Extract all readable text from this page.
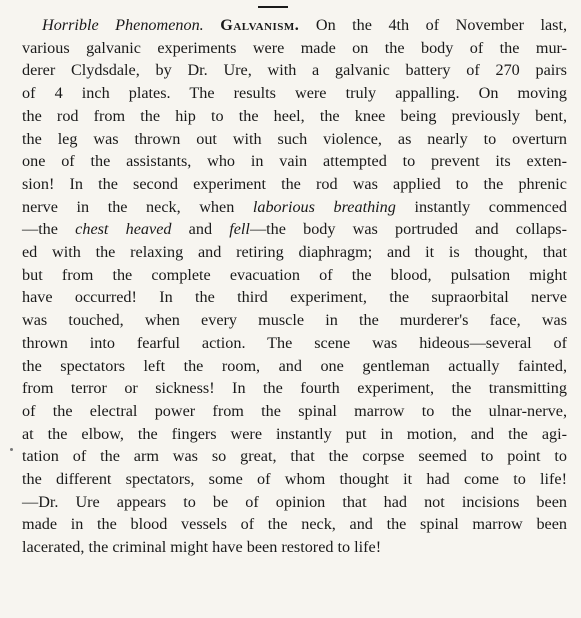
Horrible Phenomenon. Galvanism. On the 4th of November last,
various galvanic experiments were made on the body of the mur-
derer Clydsdale, by Dr. Ure, with a galvanic battery of 270 pairs
of 4 inch plates. The results were truly appalling. On moving
the rod from the hip to the heel, the knee being previously bent,
the leg was thrown out with such violence, as nearly to overturn
one of the assistants, who in vain attempted to prevent its exten-
sion! In the second experiment the rod was applied to the phrenic
nerve in the neck, when laborious breathing instantly commenced
—the chest heaved and fell—the body was portruded and collaps-
ed with the relaxing and retiring diaphragm; and it is thought, that
but from the complete evacuation of the blood, pulsation might
have occurred! In the third experiment, the supraorbital nerve
was touched, when every muscle in the murderer's face, was
thrown into fearful action. The scene was hideous—several of
the spectators left the room, and one gentleman actually fainted,
from terror or sickness! In the fourth experiment, the transmitting
of the electral power from the spinal marrow to the ulnar-nerve,
at the elbow, the fingers were instantly put in motion, and the agi-
tation of the arm was so great, that the corpse seemed to point to
the different spectators, some of whom thought it had come to life!
—Dr. Ure appears to be of opinion that had not incisions been
made in the blood vessels of the neck, and the spinal marrow been
lacerated, the criminal might have been restored to life!
